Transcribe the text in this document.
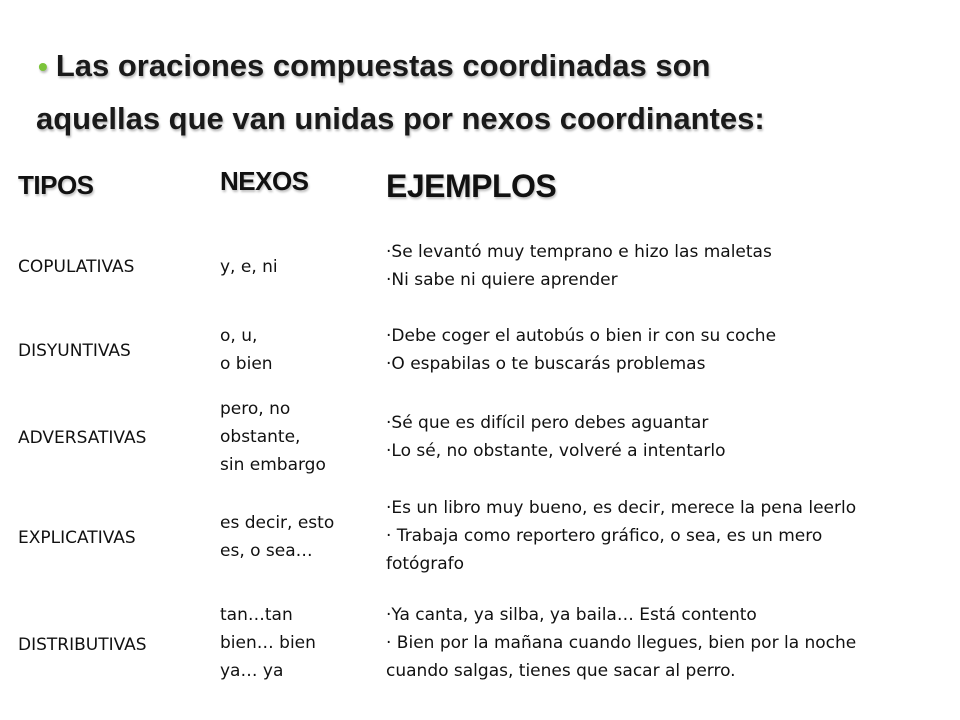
• Las oraciones compuestas coordinadas son
aquellas que van unidas por nexos coordinantes:
TIPOS	NEXOS EJEMPLOS
COPULATIVAS	y, e, ni
·Se levantó muy temprano e hizo las maletas
·Ni sabe ni quiere aprender
DISYUNTIVAS
o, u,
o bien
·Debe coger el autobús o bien ir con su coche
·O espabilas o te buscarás problemas
ADVERSATIVAS
pero, no
obstante,
sin embargo
·Sé que es difícil pero debes aguantar
·Lo sé, no obstante, volveré a intentarlo
EXPLICATIVAS
es decir, esto
es, o sea…
·Es un libro muy bueno, es decir, merece la pena leerlo
· Trabaja como reportero gráfico, o sea, es un mero
fotógrafo
DISTRIBUTIVAS
tan…tan
bien… bien
ya… ya
·Ya canta, ya silba, ya baila… Está contento
· Bien por la mañana cuando llegues, bien por la noche
cuando salgas, tienes que sacar al perro.
